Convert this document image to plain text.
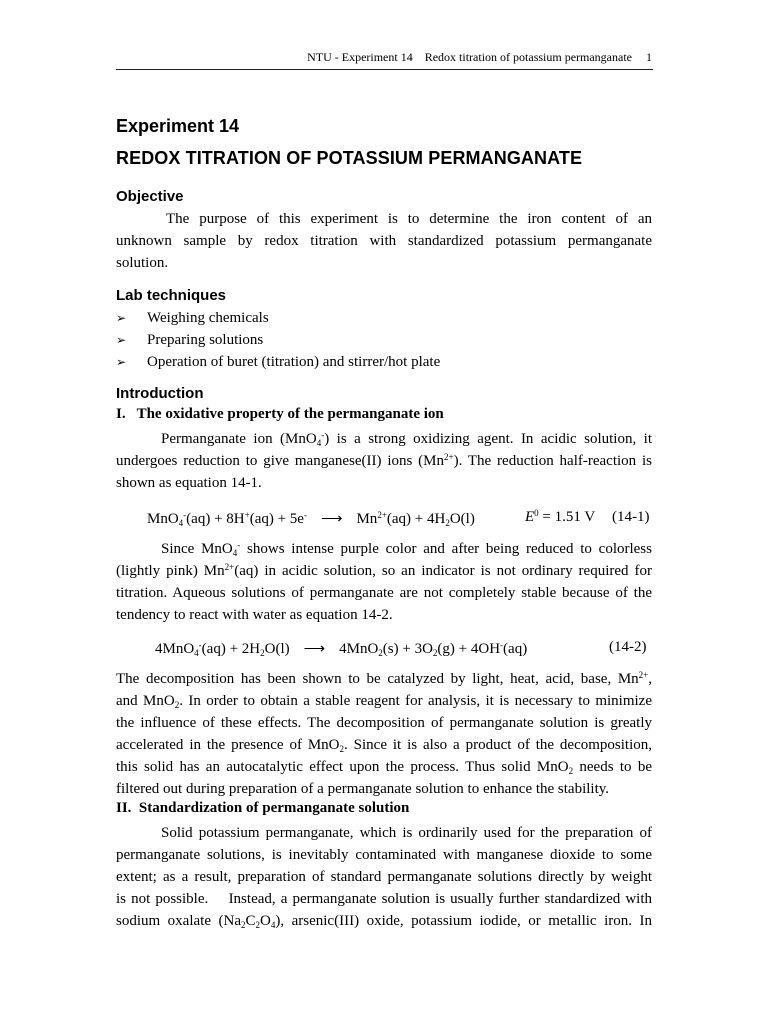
NTU - Experiment 14    Redox titration of potassium permanganate 1
Experiment 14
REDOX TITRATION OF POTASSIUM PERMANGANATE
Objective
The purpose of this experiment is to determine the iron content of an
unknown sample by redox titration with standardized potassium permanganate
solution.
Lab techniques
➢ Weighing chemicals
➢ Preparing solutions
➢ Operation of buret (titration) and stirrer/hot plate
Introduction
I.   The oxidative property of the permanganate ion
Permanganate ion (MnO$_4$-) is a strong oxidizing agent. In acidic solution, it
undergoes reduction to give manganese(II) ions $(Mn^{2+})$. The reduction half-reaction is
shown as equation 14-1.
MnO$_4$-(aq) + 8H+(aq) + 5e- ⟶ $Mn^{2+}(aq) + 4H_2O(l)$	$E^0 = 1.51$ V (14-1)
Since MnO$_4$- shows intense purple color and after being reduced to colorless
(lightly pink) $Mn^{2+}(aq)$ in acidic solution, so an indicator is not ordinary required for
titration. Aqueous solutions of permanganate are not completely stable because of the
tendency to react with water as equation 14-2.
$4MnO_4^-(aq) + 2H_2O(l)$ ⟶ $4MnO_2(s) + 3O_2(g) + 4OH^-(aq)$	(14-2)
The decomposition has been shown to be catalyzed by light, heat, acid, base, $Mn^{2+}$,
and MnO$_2$. In order to obtain a stable reagent for analysis, it is necessary to minimize
the influence of these effects. The decomposition of permanganate solution is greatly
accelerated in the presence of MnO$_2$. Since it is also a product of the decomposition,
this solid has an autocatalytic effect upon the process. Thus solid MnO$_2$ needs to be
filtered out during preparation of a permanganate solution to enhance the stability.
II.  Standardization of permanganate solution
Solid potassium permanganate, which is ordinarily used for the preparation of
permanganate solutions, is inevitably contaminated with manganese dioxide to some
extent; as a result, preparation of standard permanganate solutions directly by weight
is not possible.    Instead, a permanganate solution is usually further standardized with
sodium oxalate $(Na_2C_2O_4)$, arsenic(III) oxide, potassium iodide, or metallic iron. In
